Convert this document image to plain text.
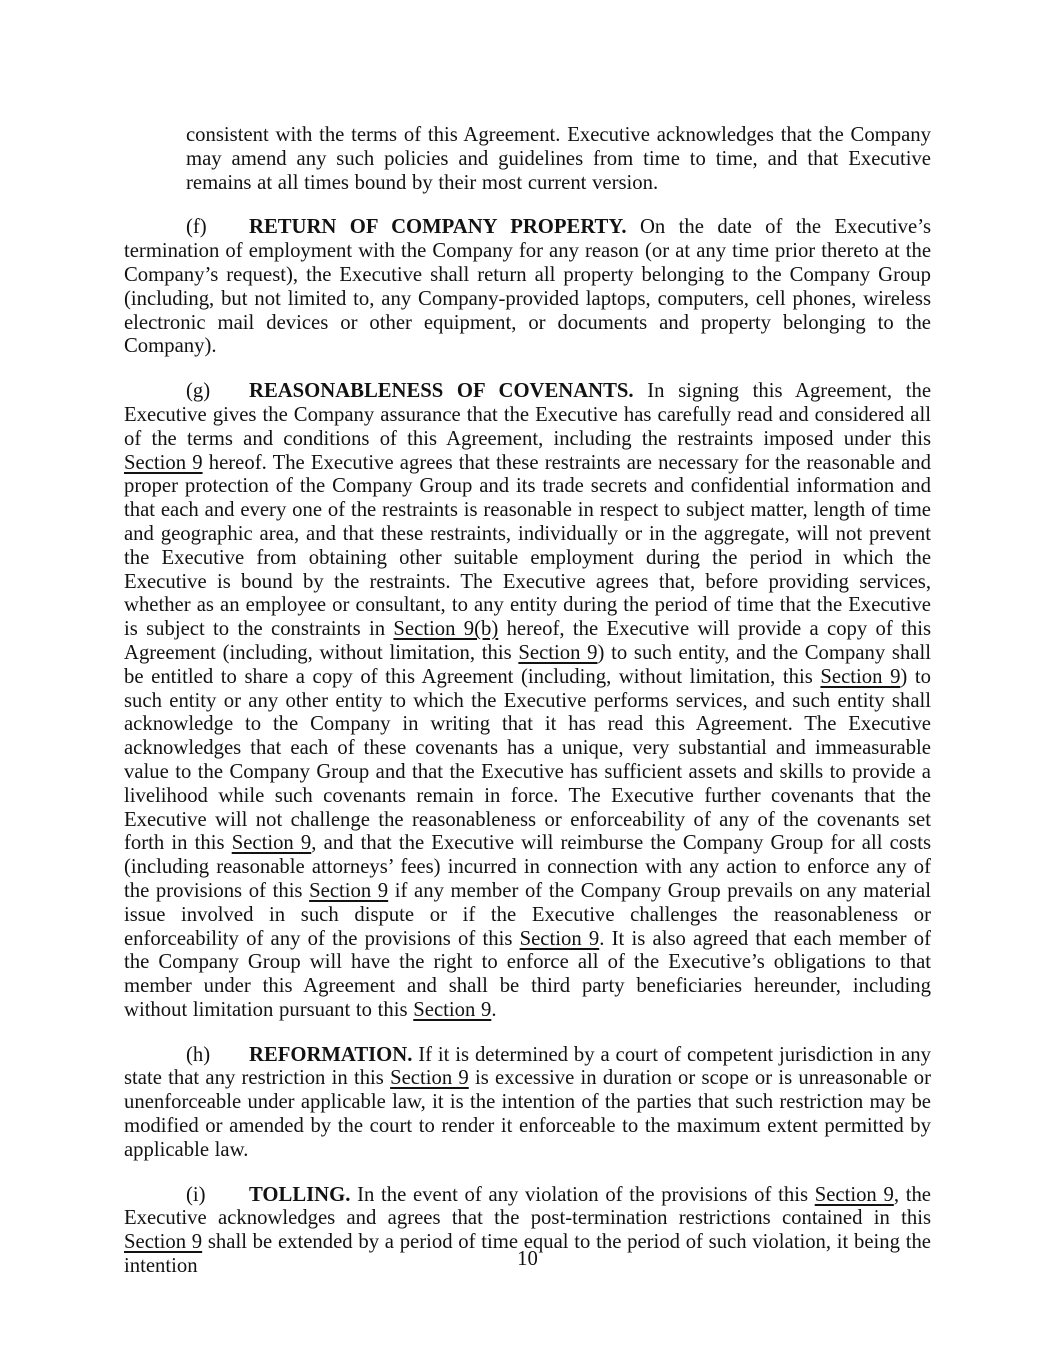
consistent with the terms of this Agreement. Executive acknowledges that the Company may amend any such policies and guidelines from time to time, and that Executive remains at all times bound by their most current version.

(f) RETURN OF COMPANY PROPERTY. On the date of the Executive’s termination of employment with the Company for any reason (or at any time prior thereto at the Company’s request), the Executive shall return all property belonging to the Company Group (including, but not limited to, any Company-provided laptops, computers, cell phones, wireless electronic mail devices or other equipment, or documents and property belonging to the Company).

(g) REASONABLENESS OF COVENANTS. In signing this Agreement, the Executive gives the Company assurance that the Executive has carefully read and considered all of the terms and conditions of this Agreement, including the restraints imposed under this Section 9 hereof. The Executive agrees that these restraints are necessary for the reasonable and proper protection of the Company Group and its trade secrets and confidential information and that each and every one of the restraints is reasonable in respect to subject matter, length of time and geographic area, and that these restraints, individually or in the aggregate, will not prevent the Executive from obtaining other suitable employment during the period in which the Executive is bound by the restraints. The Executive agrees that, before providing services, whether as an employee or consultant, to any entity during the period of time that the Executive is subject to the constraints in Section 9(b) hereof, the Executive will provide a copy of this Agreement (including, without limitation, this Section 9) to such entity, and the Company shall be entitled to share a copy of this Agreement (including, without limitation, this Section 9) to such entity or any other entity to which the Executive performs services, and such entity shall acknowledge to the Company in writing that it has read this Agreement. The Executive acknowledges that each of these covenants has a unique, very substantial and immeasurable value to the Company Group and that the Executive has sufficient assets and skills to provide a livelihood while such covenants remain in force. The Executive further covenants that the Executive will not challenge the reasonableness or enforceability of any of the covenants set forth in this Section 9, and that the Executive will reimburse the Company Group for all costs (including reasonable attorneys’ fees) incurred in connection with any action to enforce any of the provisions of this Section 9 if any member of the Company Group prevails on any material issue involved in such dispute or if the Executive challenges the reasonableness or enforceability of any of the provisions of this Section 9. It is also agreed that each member of the Company Group will have the right to enforce all of the Executive’s obligations to that member under this Agreement and shall be third party beneficiaries hereunder, including without limitation pursuant to this Section 9.

(h) REFORMATION. If it is determined by a court of competent jurisdiction in any state that any restriction in this Section 9 is excessive in duration or scope or is unreasonable or unenforceable under applicable law, it is the intention of the parties that such restriction may be modified or amended by the court to render it enforceable to the maximum extent permitted by applicable law.

(i) TOLLING. In the event of any violation of the provisions of this Section 9, the Executive acknowledges and agrees that the post-termination restrictions contained in this Section 9 shall be extended by a period of time equal to the period of such violation, it being the intention	10
